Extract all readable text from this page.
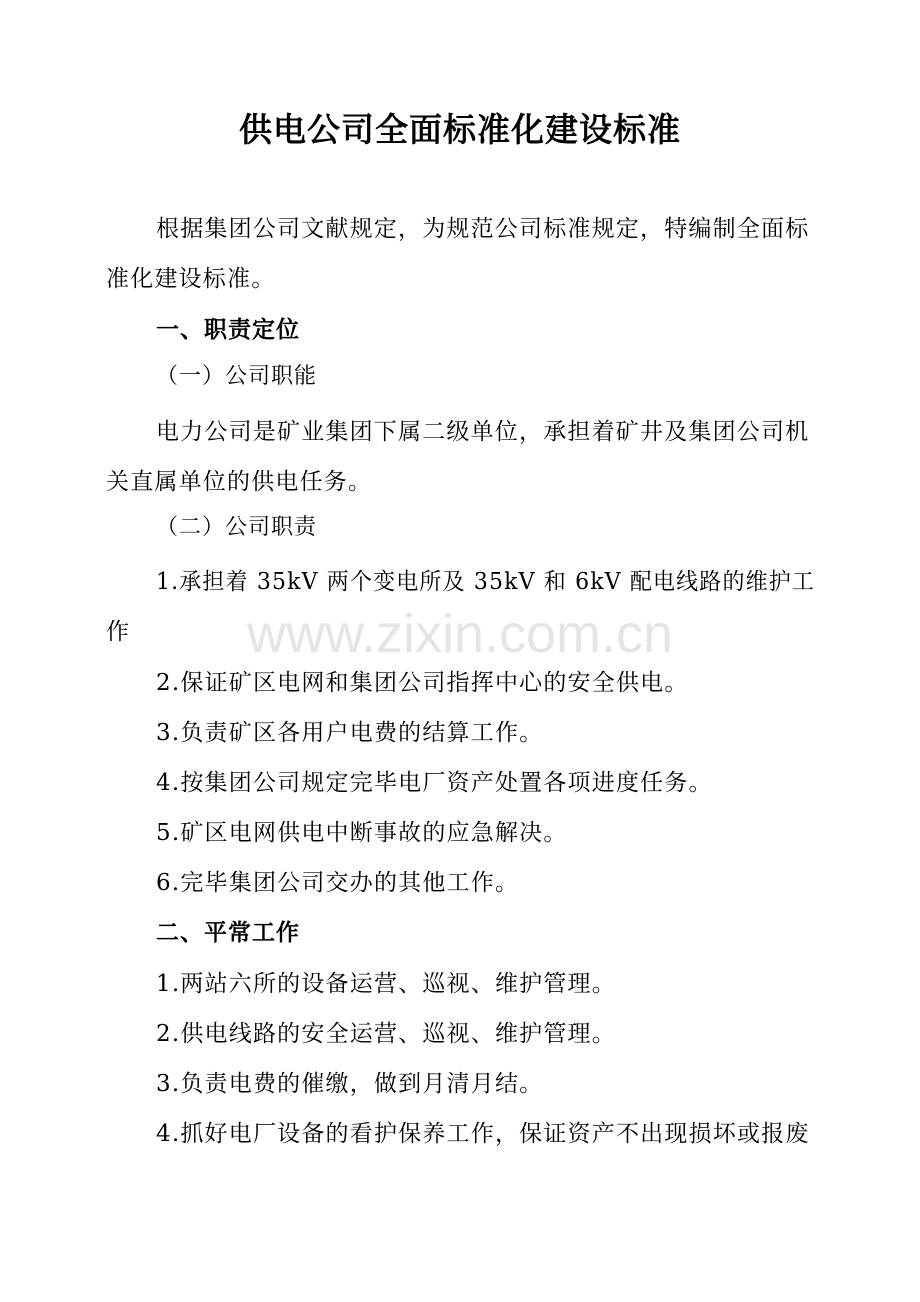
供电公司全面标准化建设标准
根据集团公司文献规定，为规范公司标准规定，特编制全面标
准化建设标准。
一、职责定位
（一）公司职能
电力公司是矿业集团下属二级单位，承担着矿井及集团公司机
关直属单位的供电任务。
（二）公司职责
1.承担着 35kV 两个变电所及 35kV 和 6kV 配电线路的维护工
作
2.保证矿区电网和集团公司指挥中心的安全供电。
3.负责矿区各用户电费的结算工作。
4.按集团公司规定完毕电厂资产处置各项进度任务。
5.矿区电网供电中断事故的应急解决。
6.完毕集团公司交办的其他工作。
二、平常工作
1.两站六所的设备运营、巡视、维护管理。
2.供电线路的安全运营、巡视、维护管理。
3.负责电费的催缴，做到月清月结。
4.抓好电厂设备的看护保养工作，保证资产不出现损坏或报废
www.zixin.com.cn
